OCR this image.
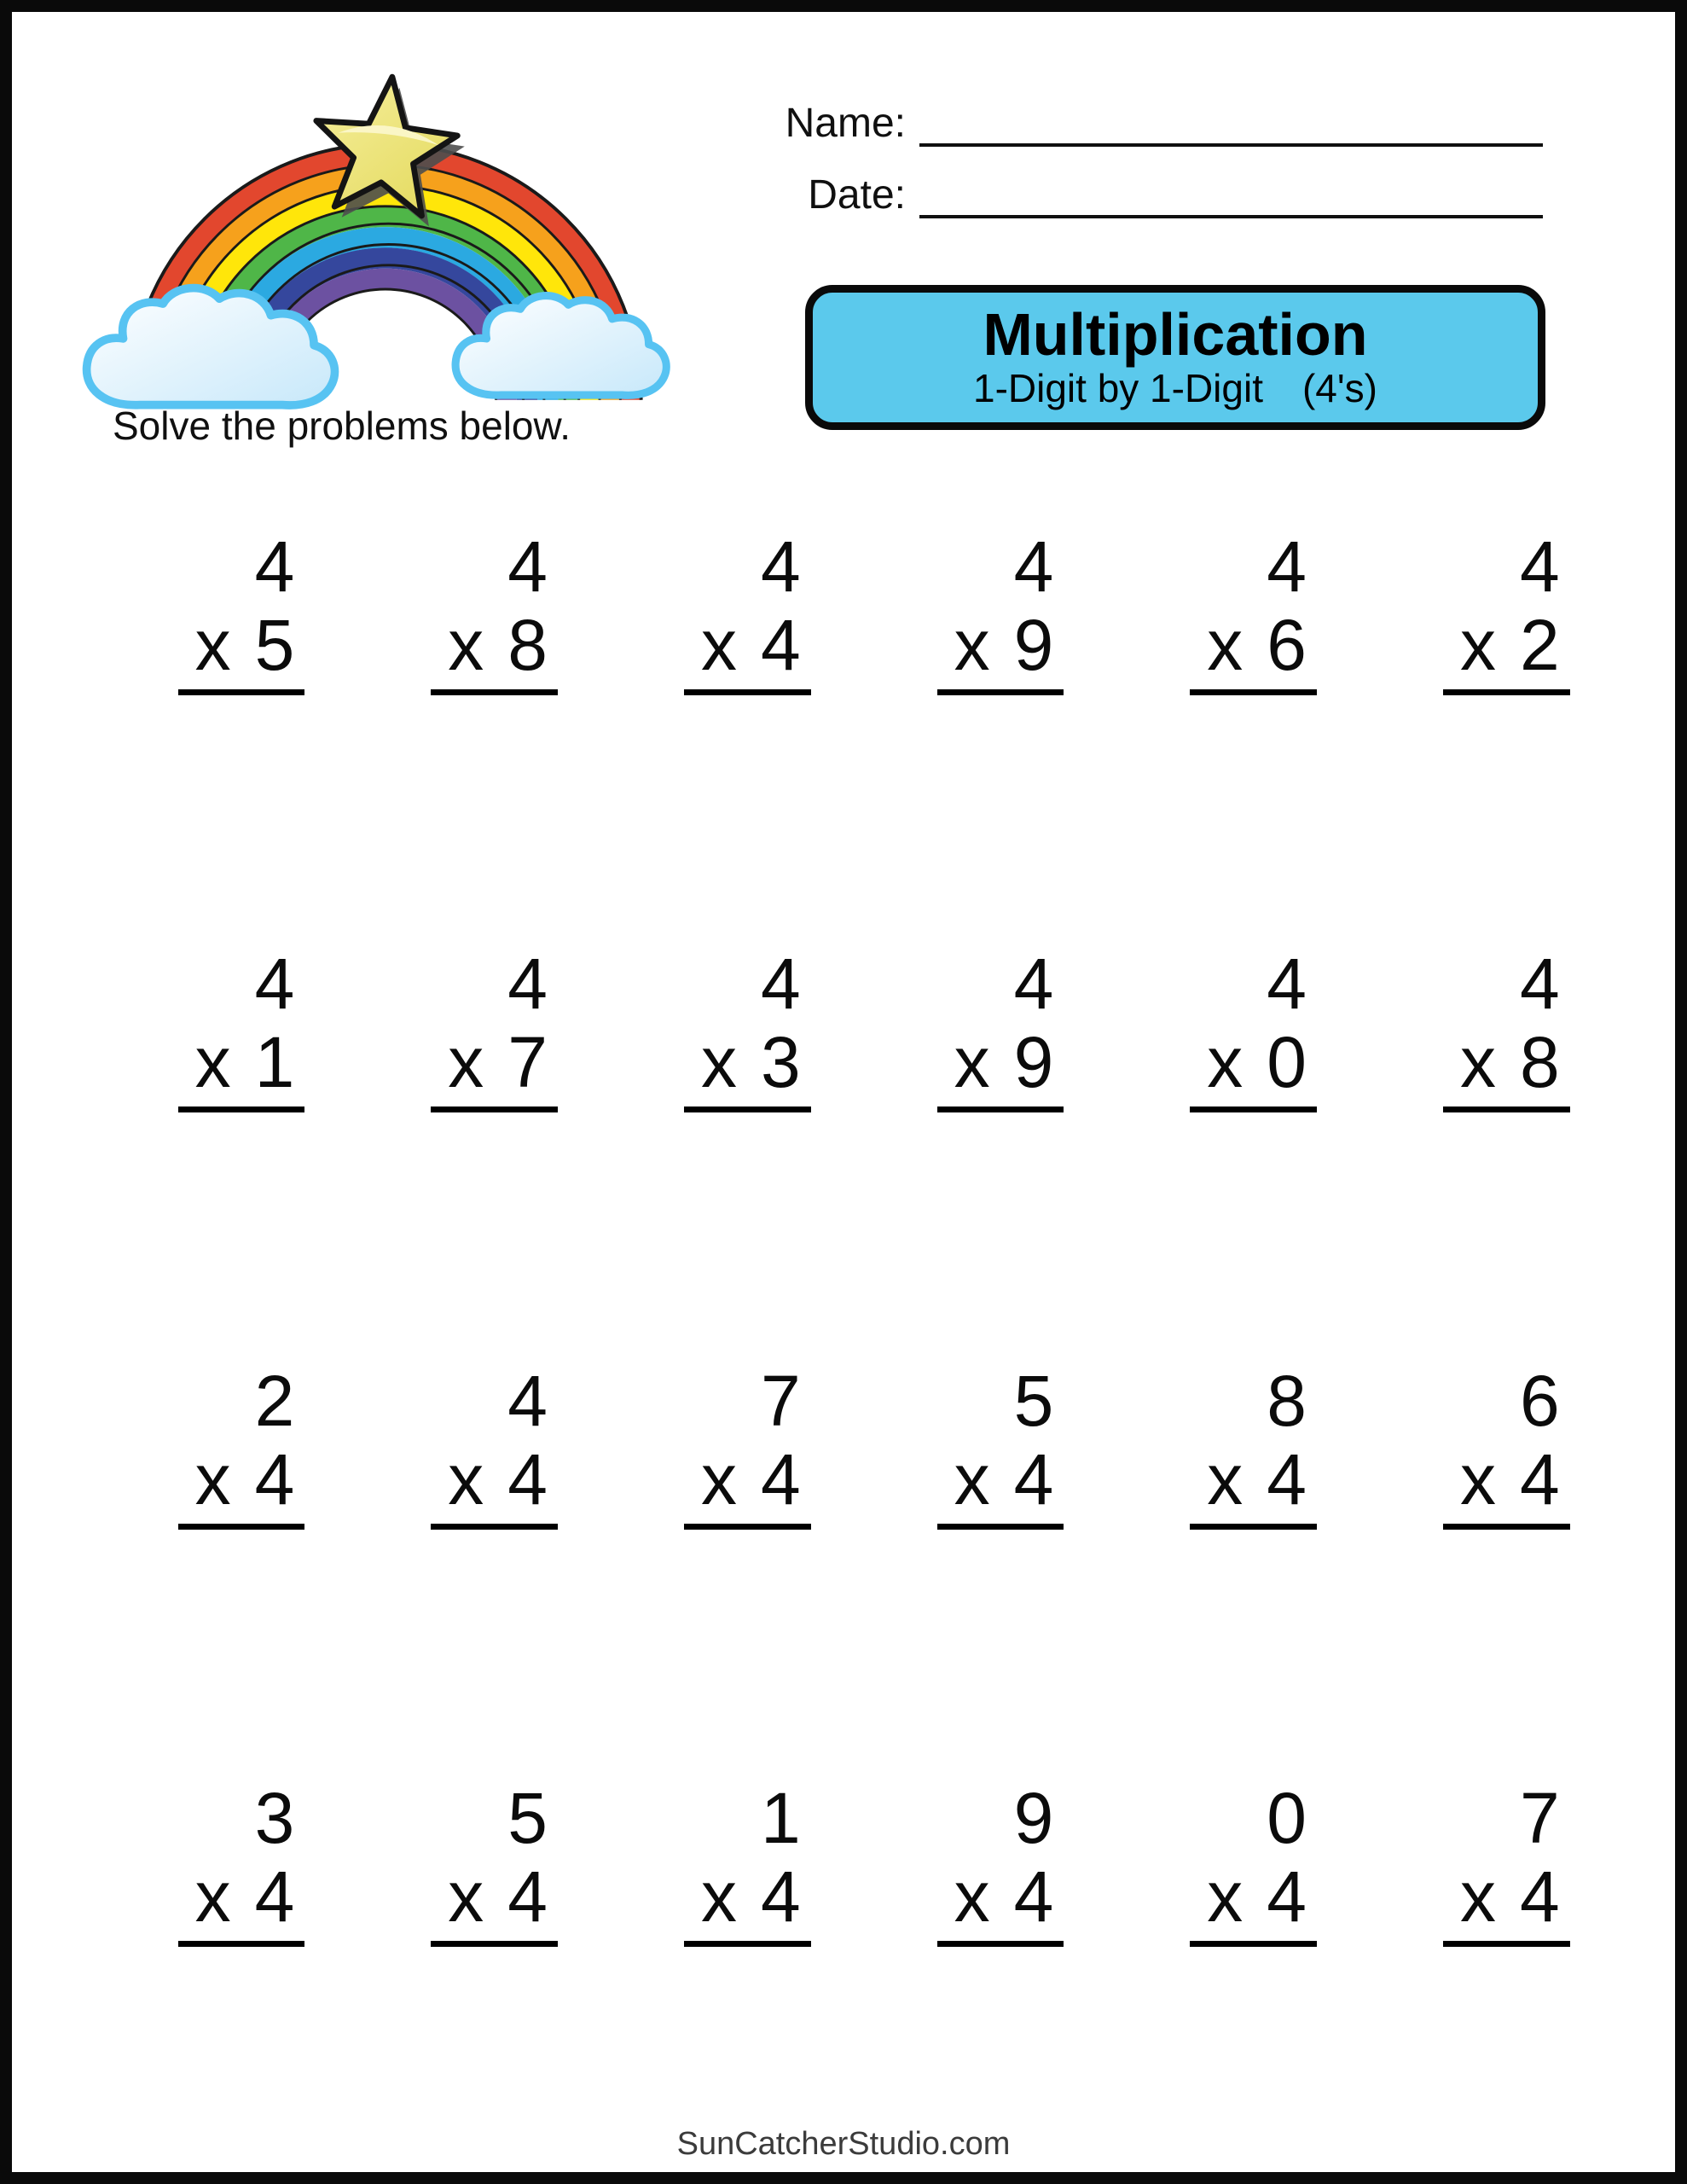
Solve the problems below.
Name:
Date:
Multiplication
1-Digit by 1-Digit (4's)
4
x 5
4
x 8
4
x 4
4
x 9
4
x 6
4
x 2
4
x 1
4
x 7
4
x 3
4
x 9
4
x 0
4
x 8
2
x 4
4
x 4
7
x 4
5
x 4
8
x 4
6
x 4
3
x 4
5
x 4
1
x 4
9
x 4
0
x 4
7
x 4
SunCatcherStudio.com
